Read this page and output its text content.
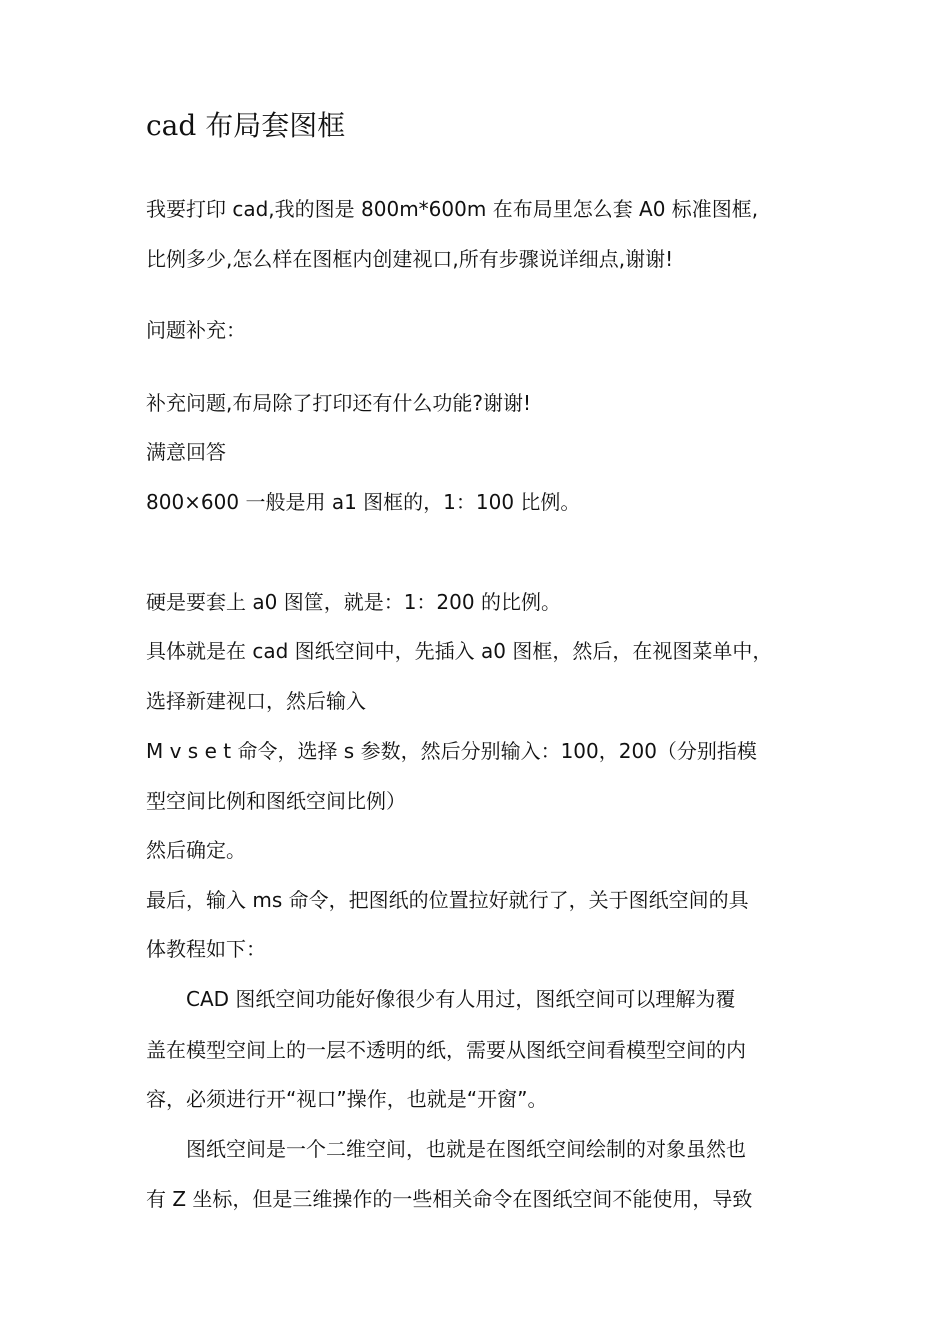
cad 布局套图框
我要打印 cad,我的图是 800m*600m 在布局里怎么套 A0 标准图框,
比例多少,怎么样在图框内创建视口,所有步骤说详细点,谢谢!
问题补充：
补充问题,布局除了打印还有什么功能?谢谢!
满意回答
800×600 一般是用 a1 图框的，1：100 比例。
硬是要套上 a0 图筐，就是：1：200 的比例。
具体就是在 cad 图纸空间中，先插入 a0 图框，然后，在视图菜单中，
选择新建视口，然后输入
M v s e t 命令，选择 s 参数，然后分别输入：100，200（分别指模
型空间比例和图纸空间比例）
然后确定。
最后，输入 ms 命令，把图纸的位置拉好就行了，关于图纸空间的具
体教程如下：
　　CAD 图纸空间功能好像很少有人用过，图纸空间可以理解为覆
盖在模型空间上的一层不透明的纸，需要从图纸空间看模型空间的内
容，必须进行开“视口”操作，也就是“开窗”。
　　图纸空间是一个二维空间，也就是在图纸空间绘制的对象虽然也
有 Z 坐标，但是三维操作的一些相关命令在图纸空间不能使用，导致
